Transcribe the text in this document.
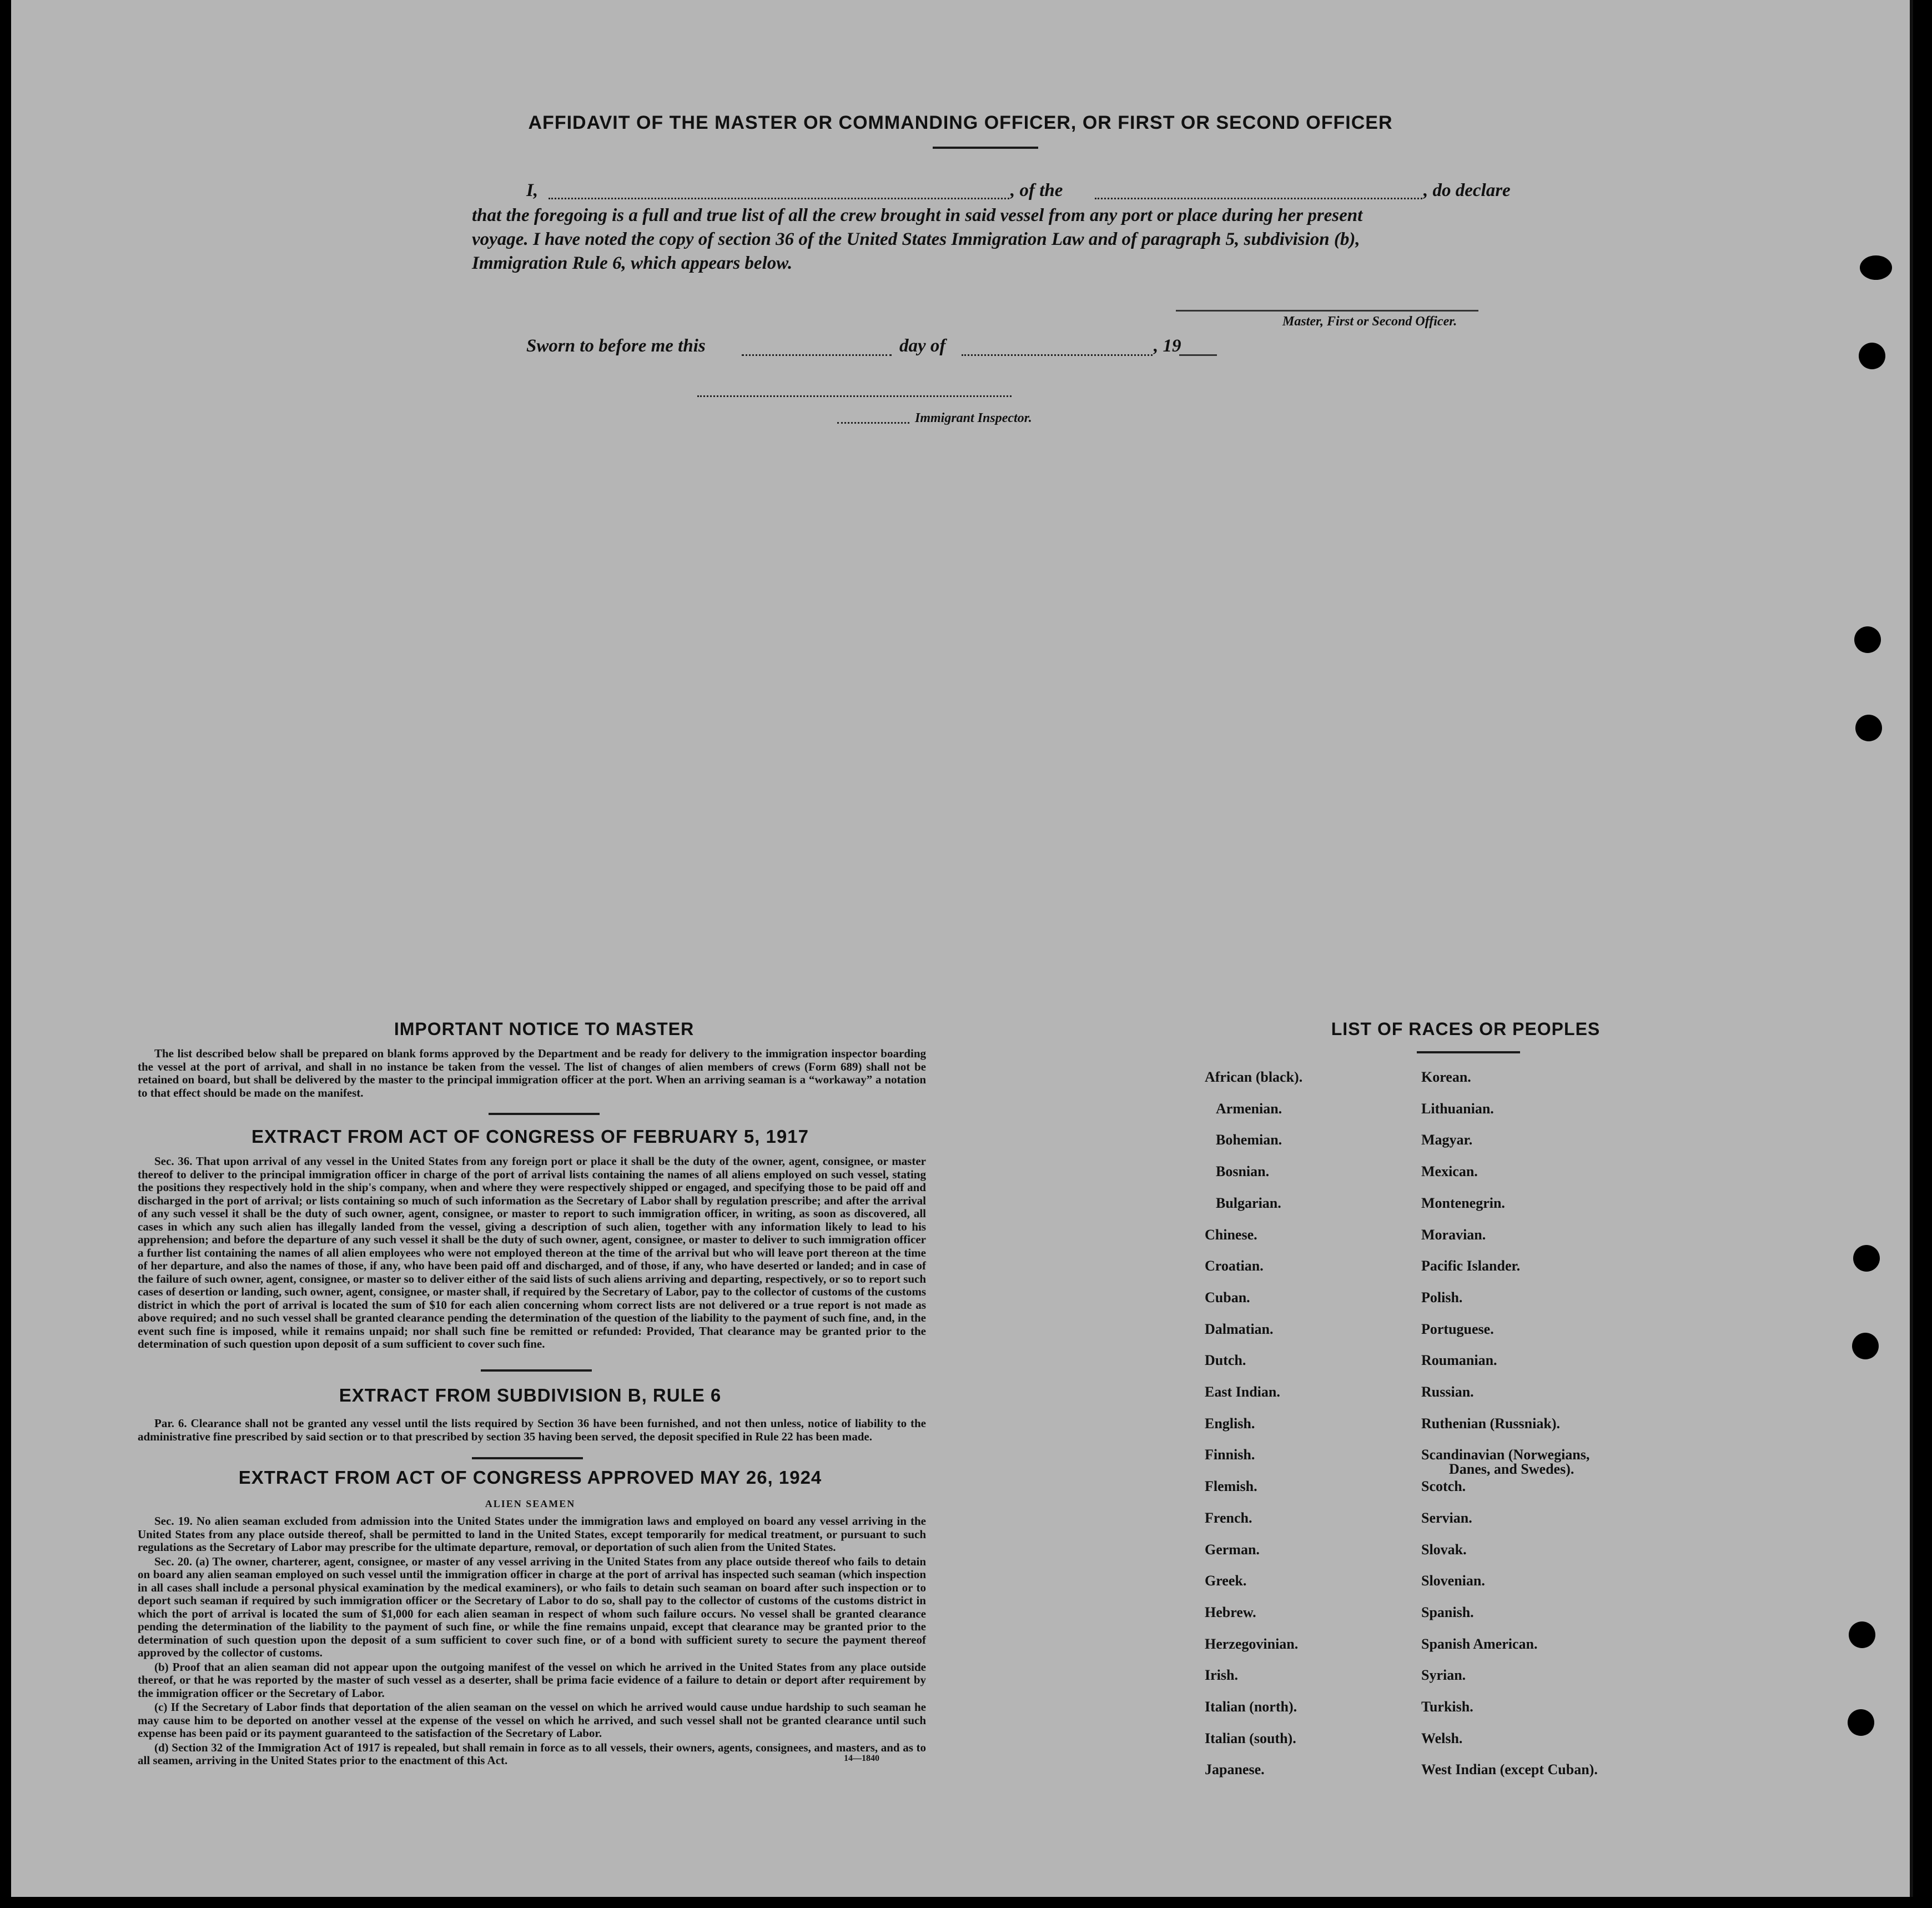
AFFIDAVIT OF THE MASTER OR COMMANDING OFFICER, OR FIRST OR SECOND OFFICER
I,	, of the	, do declare
that the foregoing is a full and true list of all the crew brought in said vessel from any port or place during her present
voyage. I have noted the copy of section 36 of the United States Immigration Law and of paragraph 5, subdivision (b),
Immigration Rule 6, which appears below.
Master, First or Second Officer.
Sworn to before me this	day of	, 19
Immigrant Inspector.
IMPORTANT NOTICE TO MASTER

The list described below shall be prepared on blank forms approved by the Department and be ready for delivery to the immigration inspector boarding the vessel at the port of arrival, and shall in no instance be taken from the vessel. The list of changes of alien members of crews (Form 689) shall not be retained on board, but shall be delivered by the master to the principal immigration officer at the port. When an arriving seaman is a “workaway” a notation to that effect should be made on the manifest.

EXTRACT FROM ACT OF CONGRESS OF FEBRUARY 5, 1917

Sec. 36. That upon arrival of any vessel in the United States from any foreign port or place it shall be the duty of the owner, agent, consignee, or master thereof to deliver to the principal immigration officer in charge of the port of arrival lists containing the names of all aliens employed on such vessel, stating the positions they respectively hold in the ship's company, when and where they were respectively shipped or engaged, and specifying those to be paid off and discharged in the port of arrival; or lists containing so much of such information as the Secretary of Labor shall by regulation prescribe; and after the arrival of any such vessel it shall be the duty of such owner, agent, consignee, or master to report to such immigration officer, in writing, as soon as discovered, all cases in which any such alien has illegally landed from the vessel, giving a description of such alien, together with any information likely to lead to his apprehension; and before the departure of any such vessel it shall be the duty of such owner, agent, consignee, or master to deliver to such immigration officer a further list containing the names of all alien employees who were not employed thereon at the time of the arrival but who will leave port thereon at the time of her departure, and also the names of those, if any, who have been paid off and discharged, and of those, if any, who have deserted or landed; and in case of the failure of such owner, agent, consignee, or master so to deliver either of the said lists of such aliens arriving and departing, respectively, or so to report such cases of desertion or landing, such owner, agent, consignee, or master shall, if required by the Secretary of Labor, pay to the collector of customs of the customs district in which the port of arrival is located the sum of $10 for each alien concerning whom correct lists are not delivered or a true report is not made as above required; and no such vessel shall be granted clearance pending the determination of the question of the liability to the payment of such fine, and, in the event such fine is imposed, while it remains unpaid; nor shall such fine be remitted or refunded: Provided, That clearance may be granted prior to the determination of such question upon deposit of a sum sufficient to cover such fine.

EXTRACT FROM SUBDIVISION B, RULE 6

Par. 6. Clearance shall not be granted any vessel until the lists required by Section 36 have been furnished, and not then unless, notice of liability to the administrative fine prescribed by said section or to that prescribed by section 35 having been served, the deposit specified in Rule 22 has been made.

EXTRACT FROM ACT OF CONGRESS APPROVED MAY 26, 1924
ALIEN SEAMEN

Sec. 19. No alien seaman excluded from admission into the United States under the immigration laws and employed on board any vessel arriving in the United States from any place outside thereof, shall be permitted to land in the United States, except temporarily for medical treatment, or pursuant to such regulations as the Secretary of Labor may prescribe for the ultimate departure, removal, or deportation of such alien from the United States.

Sec. 20. (a) The owner, charterer, agent, consignee, or master of any vessel arriving in the United States from any place outside thereof who fails to detain on board any alien seaman employed on such vessel until the immigration officer in charge at the port of arrival has inspected such seaman (which inspection in all cases shall include a personal physical examination by the medical examiners), or who fails to detain such seaman on board after such inspection or to deport such seaman if required by such immigration officer or the Secretary of Labor to do so, shall pay to the collector of customs of the customs district in which the port of arrival is located the sum of $1,000 for each alien seaman in respect of whom such failure occurs. No vessel shall be granted clearance pending the determination of the liability to the payment of such fine, or while the fine remains unpaid, except that clearance may be granted prior to the determination of such question upon the deposit of a sum sufficient to cover such fine, or of a bond with sufficient surety to secure the payment thereof approved by the collector of customs.

(b) Proof that an alien seaman did not appear upon the outgoing manifest of the vessel on which he arrived in the United States from any place outside thereof, or that he was reported by the master of such vessel as a deserter, shall be prima facie evidence of a failure to detain or deport after requirement by the immigration officer or the Secretary of Labor.

(c) If the Secretary of Labor finds that deportation of the alien seaman on the vessel on which he arrived would cause undue hardship to such seaman he may cause him to be deported on another vessel at the expense of the vessel on which he arrived, and such vessel shall not be granted clearance until such expense has been paid or its payment guaranteed to the satisfaction of the Secretary of Labor.

(d) Section 32 of the Immigration Act of 1917 is repealed, but shall remain in force as to all vessels, their owners, agents, consignees, and masters, and as to all seamen, arriving in the United States prior to the enactment of this Act.	14—1840
LIST OF RACES OR PEOPLES
African (black).
Armenian.
Bohemian.
Bosnian.
Bulgarian.
Chinese.
Croatian.
Cuban.
Dalmatian.
Dutch.
East Indian.
English.
Finnish.
Flemish.
French.
German.
Greek.
Hebrew.
Herzegovinian.
Irish.
Italian (north).
Italian (south).
Japanese.
Korean.
Lithuanian.
Magyar.
Mexican.
Montenegrin.
Moravian.
Pacific Islander.
Polish.
Portuguese.
Roumanian.
Russian.
Ruthenian (Russniak).
Scandinavian (Norwegians,
Scotch.
Servian.
Slovak.
Slovenian.
Spanish.
Spanish American.
Syrian.
Turkish.
Welsh.
West Indian (except Cuban).
Danes, and Swedes).
